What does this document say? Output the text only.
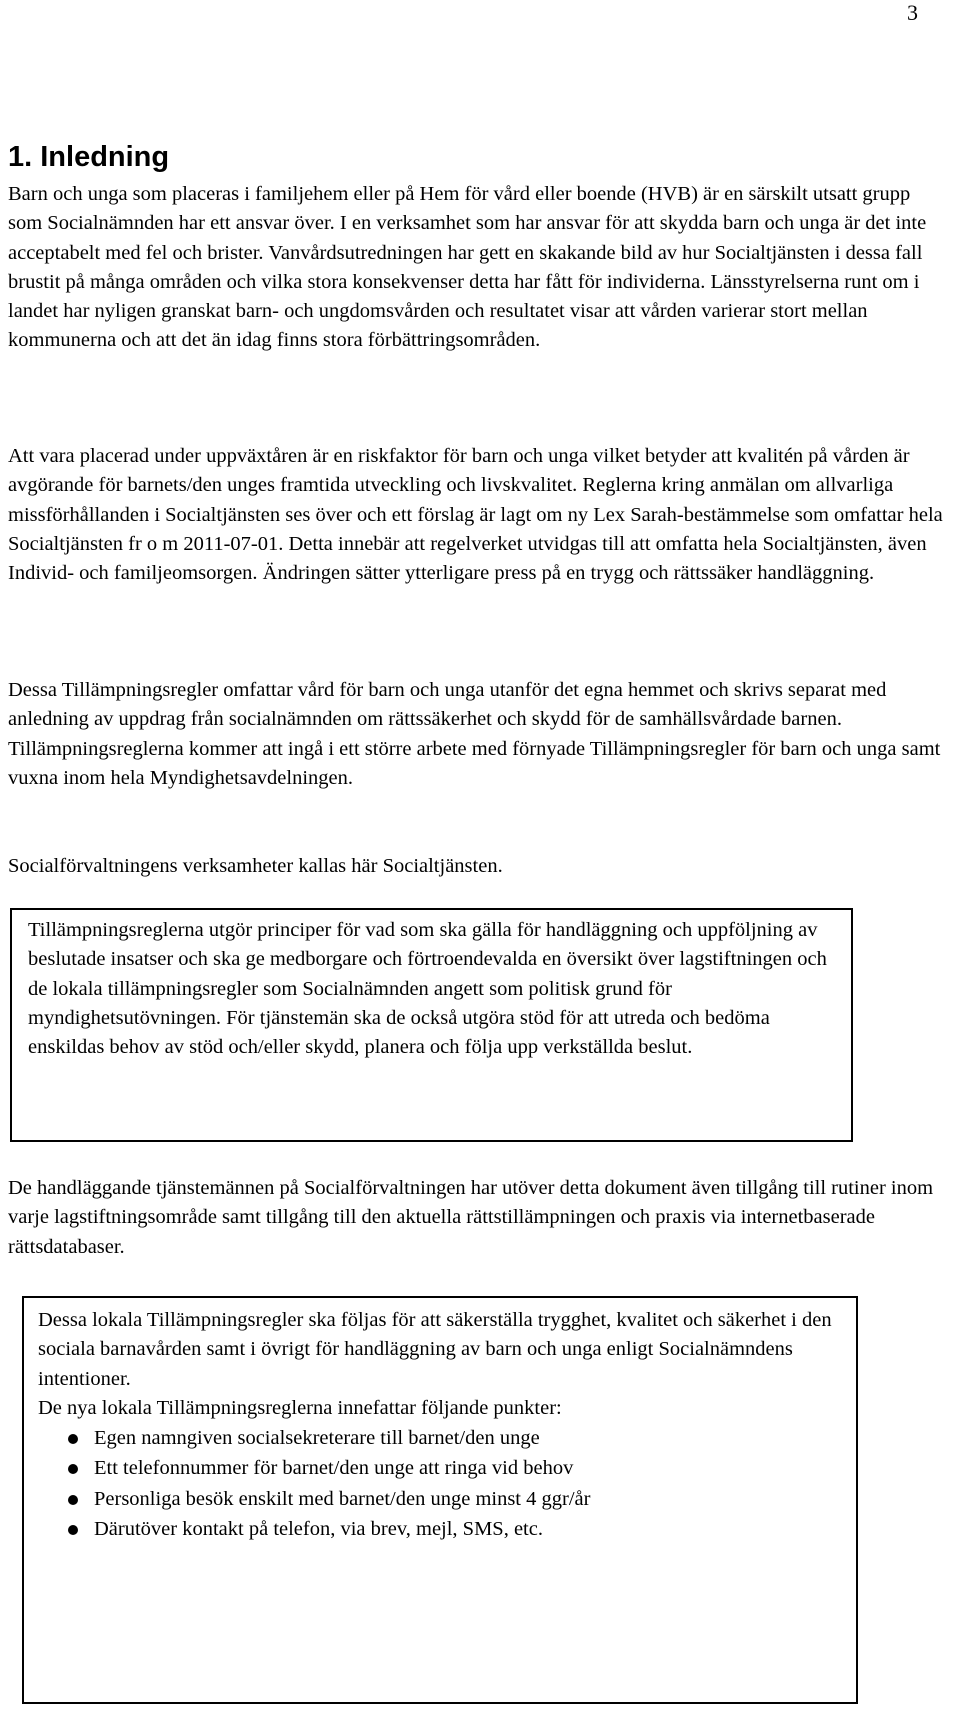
3
1. Inledning

Barn och unga som placeras i familjehem eller på Hem för vård eller boende (HVB) är en särskilt utsatt grupp som Socialnämnden har ett ansvar över. I en verksamhet som har ansvar för att skydda barn och unga är det inte acceptabelt med fel och brister. Vanvårdsutredningen har gett en skakande bild av hur Socialtjänsten i dessa fall brustit på många områden och vilka stora konsekvenser detta har fått för individerna. Länsstyrelserna runt om i landet har nyligen granskat barn- och ungdomsvården och resultatet visar att vården varierar stort mellan kommunerna och att det än idag finns stora förbättringsområden.

Att vara placerad under uppväxtåren är en riskfaktor för barn och unga vilket betyder att kvalitén på vården är avgörande för barnets/den unges framtida utveckling och livskvalitet. Reglerna kring anmälan om allvarliga missförhållanden i Socialtjänsten ses över och ett förslag är lagt om ny Lex Sarah-bestämmelse som omfattar hela Socialtjänsten fr o m 2011-07-01. Detta innebär att regelverket utvidgas till att omfatta hela Socialtjänsten, även Individ- och familjeomsorgen. Ändringen sätter ytterligare press på en trygg och rättssäker handläggning.

Dessa Tillämpningsregler omfattar vård för barn och unga utanför det egna hemmet och skrivs separat med anledning av uppdrag från socialnämnden om rättssäkerhet och skydd för de samhällsvårdade barnen. Tillämpningsreglerna kommer att ingå i ett större arbete med förnyade Tillämpningsregler för barn och unga samt vuxna inom hela Myndighetsavdelningen.

Socialförvaltningens verksamheter kallas här Socialtjänsten.

Tillämpningsreglerna utgör principer för vad som ska gälla för handläggning och uppföljning av beslutade insatser och ska ge medborgare och förtroendevalda en översikt över lagstiftningen och de lokala tillämpningsregler som Socialnämnden angett som politisk grund för myndighetsutövningen. För tjänstemän ska de också utgöra stöd för att utreda och bedöma enskildas behov av stöd och/eller skydd, planera och följa upp verkställda beslut.

De handläggande tjänstemännen på Socialförvaltningen har utöver detta dokument även tillgång till rutiner inom varje lagstiftningsområde samt tillgång till den aktuella rättstillämpningen och praxis via internetbaserade rättsdatabaser.

Dessa lokala Tillämpningsregler ska följas för att säkerställa trygghet, kvalitet och säkerhet i den sociala barnavården samt i övrigt för handläggning av barn och unga enligt Socialnämndens intentioner.

De nya lokala Tillämpningsreglerna innefattar följande punkter:

Egen namngiven socialsekreterare till barnet/den unge
Ett telefonnummer för barnet/den unge att ringa vid behov
Personliga besök enskilt med barnet/den unge minst 4 ggr/år
Därutöver kontakt på telefon, via brev, mejl, SMS, etc.
